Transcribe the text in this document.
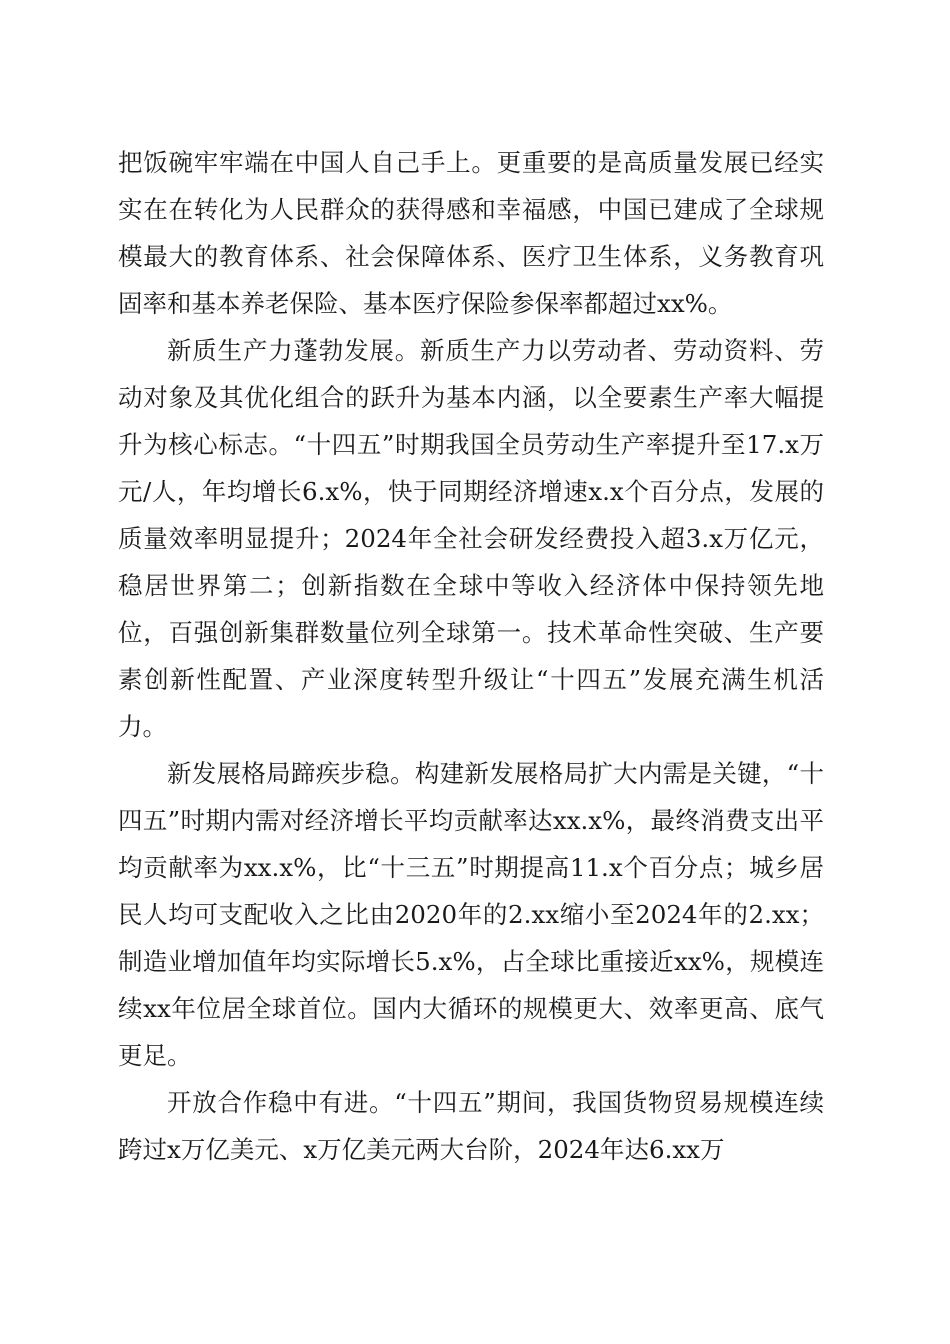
把饭碗牢牢端在中国人自己手上。更重要的是高质量发展已经实实在在转化为人民群众的获得感和幸福感，中国已建成了全球规模最大的教育体系、社会保障体系、医疗卫生体系，义务教育巩固率和基本养老保险、基本医疗保险参保率都超过xx%。

新质生产力蓬勃发展。新质生产力以劳动者、劳动资料、劳动对象及其优化组合的跃升为基本内涵，以全要素生产率大幅提升为核心标志。“十四五”时期我国全员劳动生产率提升至17.x万元/人，年均增长6.x%，快于同期经济增速x.x个百分点，发展的质量效率明显提升；2024年全社会研发经费投入超3.x万亿元，稳居世界第二；创新指数在全球中等收入经济体中保持领先地位，百强创新集群数量位列全球第一。技术革命性突破、生产要素创新性配置、产业深度转型升级让“十四五”发展充满生机活力。

新发展格局蹄疾步稳。构建新发展格局扩大内需是关键，“十四五”时期内需对经济增长平均贡献率达xx.x%，最终消费支出平均贡献率为xx.x%，比“十三五”时期提高11.x个百分点；城乡居民人均可支配收入之比由2020年的2.xx缩小至2024年的2.xx；制造业增加值年均实际增长5.x%，占全球比重接近xx%，规模连续xx年位居全球首位。国内大循环的规模更大、效率更高、底气更足。

开放合作稳中有进。“十四五”期间，我国货物贸易规模连续跨过x万亿美元、x万亿美元两大台阶，2024年达6.xx万
